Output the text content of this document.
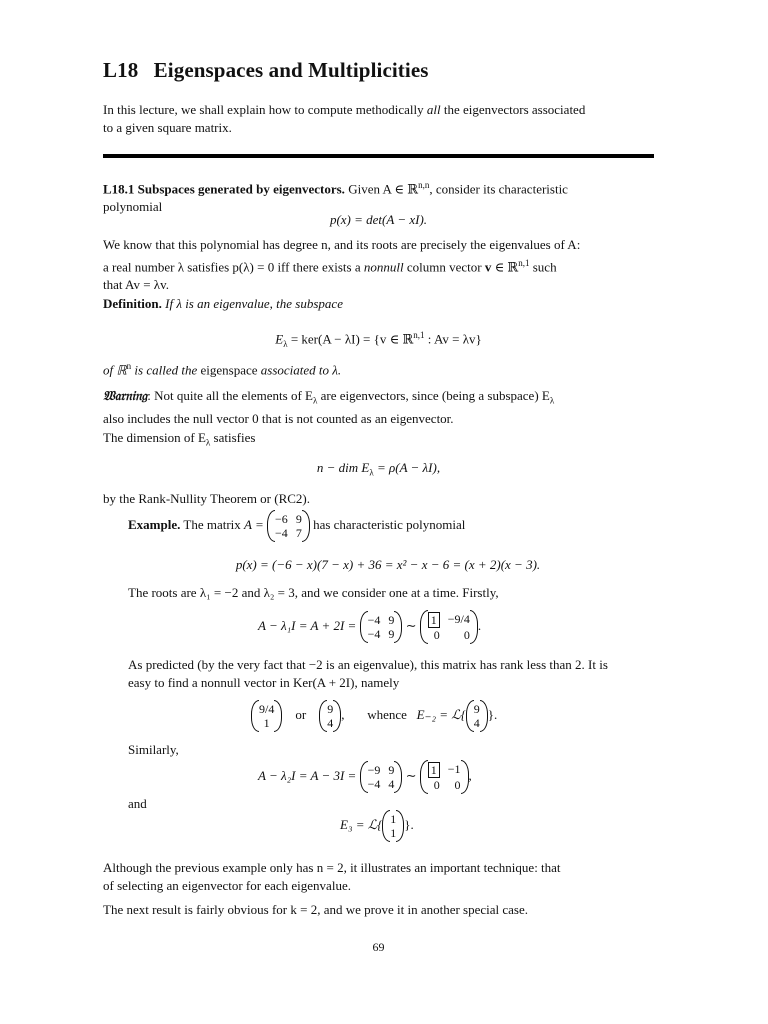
L18 Eigenspaces and Multiplicities
In this lecture, we shall explain how to compute methodically all the eigenvectors associated
to a given square matrix.
L18.1 Subspaces generated by eigenvectors. Given A ∈ ℝ$^{n,n}$, consider its characteristic
polynomial
p(x) = det(A − xI).
We know that this polynomial has degree n, and its roots are precisely the eigenvalues of A:
a real number λ satisfies p(λ) = 0 iff there exists a nonnull column vector v ∈ ℝ$^{n,1}$ such
that Av = λv.
Definition. If λ is an eigenvalue, the subspace
$E_\lambda = ker(A - \lambda I) = \{v$ ∈ ℝ$^{n,1}$ : Av = λv}
of ℝ$^n$ is called the eigenspace associated to λ.
𝔚𝔞𝔯𝔫𝔦𝔫𝔤: Not quite all the elements of $E_\lambda$ are eigenvectors, since (being a subspace) $E_\lambda$
also includes the null vector 0 that is not counted as an eigenvector.
The dimension of $E_\lambda$ satisfies
n − dim $E_\lambda = \rho(A - \lambda I)$,
by the Rank-Nullity Theorem or (RC2).
Example. The matrix A = −6 9
−4 7
has characteristic polynomial
p(x) = (−6 − x)(7 − x) + 36 = x² − x − 6 = (x + 2)(x − 3).
The roots are λ₁ = −2 and λ₂ = 3, and we consider one at a time. Firstly,
A − λ₁I = A + 2I = −4 9
−4 9
∼ 1 −9/4
0	0
.
As predicted (by the very fact that −2 is an eigenvalue), this matrix has rank less than 2. It is
easy to find a nonnull vector in Ker(A + 2I), namely
9/4
1
or 9
4
, whence E₋₂ = ℒ{ 9
4
}.
Similarly,
A − λ₂I = A − 3I = −9 9
−4 4
∼ 1 −1
0	0
,
and
E₃ = ℒ{ 1
1
}.
Although the previous example only has n = 2, it illustrates an important technique: that
of selecting an eigenvector for each eigenvalue.
The next result is fairly obvious for k = 2, and we prove it in another special case.
69
